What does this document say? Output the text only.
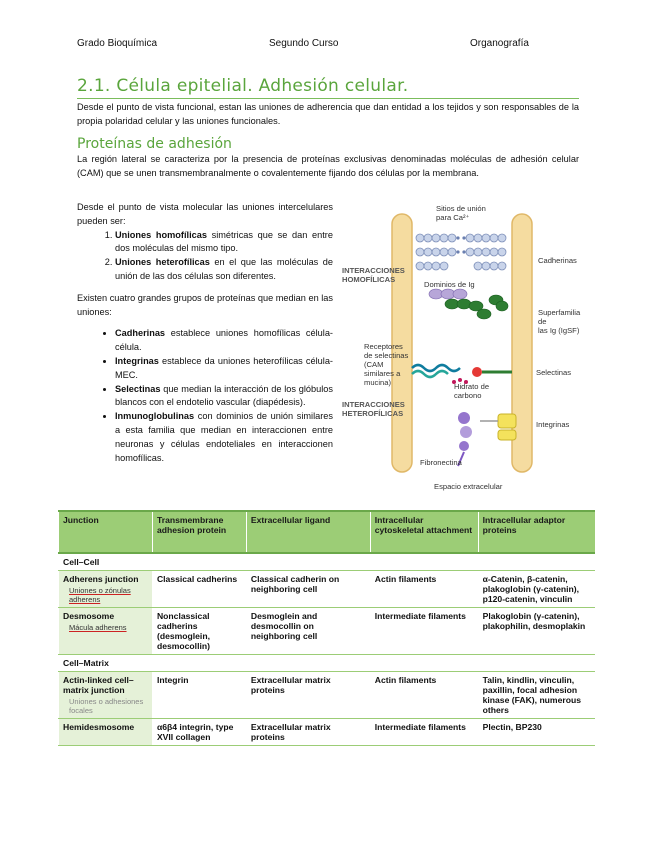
Grado Bioquímica	Segundo Curso	Organografía
2.1. Célula epitelial. Adhesión celular.
Desde el punto de vista funcional, estan las uniones de adherencia que dan entidad a los tejidos y son responsables de la propia polaridad celular y las uniones funcionales.
Proteínas de adhesión
La región lateral se caracteriza por la presencia de proteínas exclusivas denominadas moléculas de adhesión celular (CAM) que se unen transmembranalmente o covalentemente fijando dos células por la membrana.
Desde el punto de vista molecular las uniones intercelulares pueden ser:
1. Uniones homofílicas simétricas que se dan entre dos moléculas del mismo tipo.
2. Uniones heterofílicas en el que las moléculas de unión de las dos células son diferentes.
Existen cuatro grandes grupos de proteínas que median en las uniones:
• Cadherinas establece uniones homofílicas célula-célula.
• Integrinas establece da uniones heterofílicas célula-MEC.
• Selectinas que median la interacción de los glóbulos blancos con el endotelio vascular (diapédesis).
• Inmunoglobulinas con dominios de unión similares a esta familia que median en interaccionen entre neuronas y células endoteliales en interaccionen homofílicas.
Sitios de unión
para Ca²⁺
INTERACCIONES
HOMOFÍLICAS
Cadherinas
Dominios de Ig
Superfamilia de
las Ig (IgSF)
Receptores
de selectinas
(CAM
similares a
mucina)
Selectinas
Hidrato de
carbono
INTERACCIONES
HETEROFÍLICAS
Integrinas
Fibronectina
Espacio extracelular
Junction	Transmembrane adhesion protein	Extracellular ligand	Intracellular cytoskeletal attachment	Intracellular adaptor proteins
Cell–Cell				
Adherens junction
Uniones o zónulas adherens	Classical cadherins	Classical cadherin on neighboring cell	Actin filaments	α-Catenin, β-catenin, plakoglobin (γ-catenin), p120-catenin, vinculin
Desmosome
Mácula adherens	Nonclassical cadherins (desmoglein, desmocollin)	Desmoglein and desmocollin on neighboring cell	Intermediate filaments	Plakoglobin (γ-catenin), plakophilin, desmoplakin
Cell–Matrix				
Actin-linked cell–matrix junction
Uniones o adhesiones focales	Integrin	Extracellular matrix proteins	Actin filaments	Talin, kindlin, vinculin, paxillin, focal adhesion kinase (FAK), numerous others
Hemidesmosome	α6β4 integrin, type XVII collagen	Extracellular matrix proteins	Intermediate filaments	Plectin, BP230
